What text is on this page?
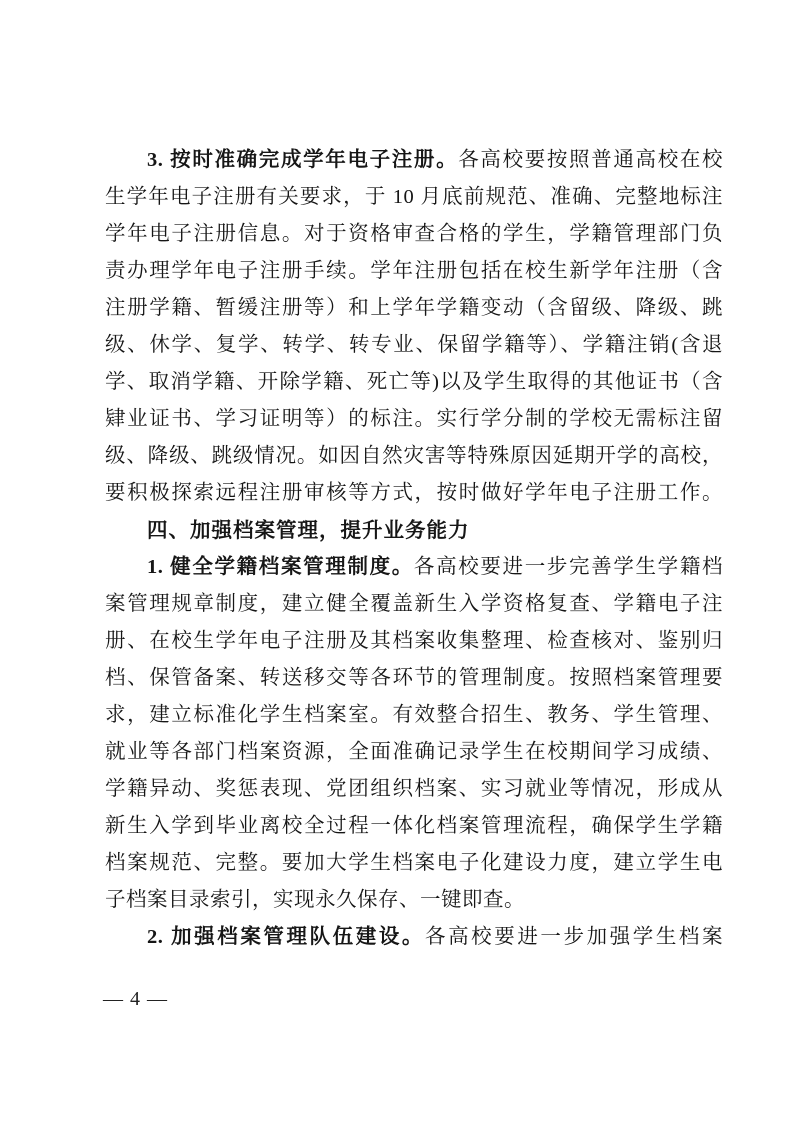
3. 按时准确完成学年电子注册。各高校要按照普通高校在校
生学年电子注册有关要求，于 10 月底前规范、准确、完整地标注
学年电子注册信息。对于资格审查合格的学生，学籍管理部门负
责办理学年电子注册手续。学年注册包括在校生新学年注册（含
注册学籍、暂缓注册等）和上学年学籍变动（含留级、降级、跳
级、休学、复学、转学、转专业、保留学籍等）、学籍注销(含退
学、取消学籍、开除学籍、死亡等)以及学生取得的其他证书（含
肄业证书、学习证明等）的标注。实行学分制的学校无需标注留
级、降级、跳级情况。如因自然灾害等特殊原因延期开学的高校，
要积极探索远程注册审核等方式，按时做好学年电子注册工作。
四、加强档案管理，提升业务能力
1. 健全学籍档案管理制度。各高校要进一步完善学生学籍档
案管理规章制度，建立健全覆盖新生入学资格复查、学籍电子注
册、在校生学年电子注册及其档案收集整理、检查核对、鉴别归
档、保管备案、转送移交等各环节的管理制度。按照档案管理要
求，建立标准化学生档案室。有效整合招生、教务、学生管理、
就业等各部门档案资源，全面准确记录学生在校期间学习成绩、
学籍异动、奖惩表现、党团组织档案、实习就业等情况，形成从
新生入学到毕业离校全过程一体化档案管理流程，确保学生学籍
档案规范、完整。要加大学生档案电子化建设力度，建立学生电
子档案目录索引，实现永久保存、一键即查。
2. 加强档案管理队伍建设。各高校要进一步加强学生档案
— 4 —
